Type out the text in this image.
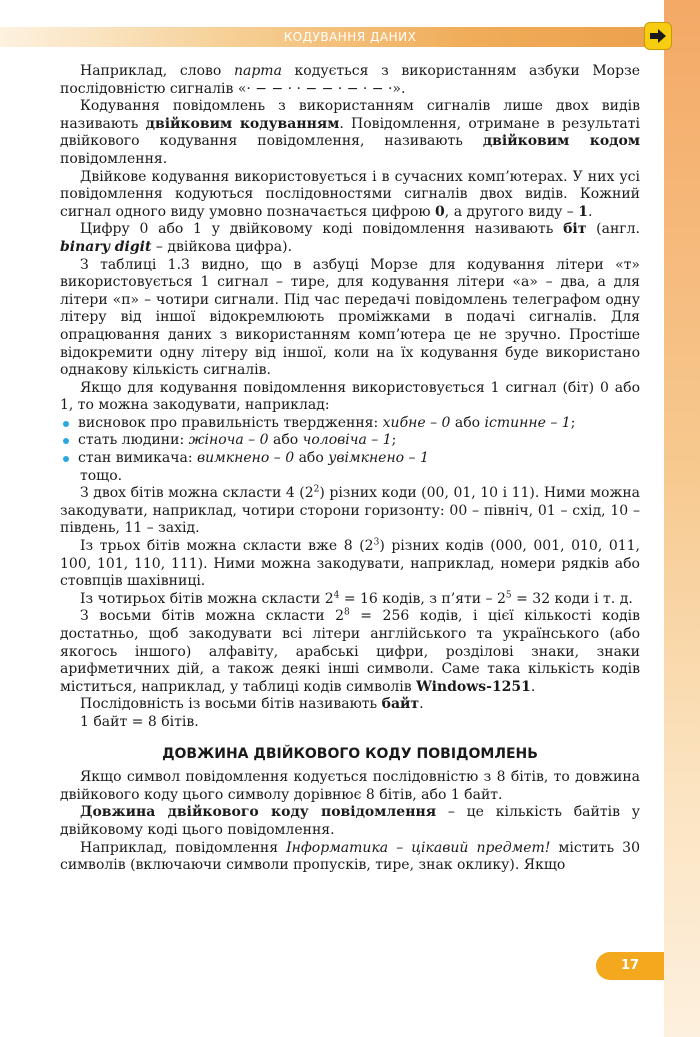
КОДУВАННЯ ДАНИХ

Наприклад, слово парта кодується з використанням азбуки Морзе послідовністю сигналів «· − − · · − − · − · − ·».

Кодування повідомлень з використанням сигналів лише двох видів називають двійковим кодуванням. Повідомлення, отримане в результаті двійкового кодування повідомлення, називають двійковим кодом повідомлення.

Двійкове кодування використовується і в сучасних комп’ютерах. У них усі повідомлення кодуються послідовностями сигналів двох видів. Кожний сигнал одного виду умовно позначається цифрою 0, а другого виду – 1.

Цифру 0 або 1 у двійковому коді повідомлення називають біт (англ. binary digit – двійкова цифра).

З таблиці 1.3 видно, що в азбуці Морзе для кодування літери «т» використовується 1 сигнал – тире, для кодування літери «а» – два, а для літери «п» – чотири сигнали. Під час передачі повідомлень телеграфом одну літеру від іншої відокремлюють проміжками в подачі сигналів. Для опрацювання даних з використанням комп’ютера це не зручно. Простіше відокремити одну літеру від іншої, коли на їх кодування буде використано однакову кількість сигналів.

Якщо для кодування повідомлення використовується 1 сигнал (біт) 0 або 1, то можна закодувати, наприклад:

висновок про правильність твердження: хибне – 0 або істинне – 1;
стать людини: жіноча – 0 або чоловіча – 1;
стан вимикача: вимкнено – 0 або увімкнено – 1

тощо.

З двох бітів можна скласти 4 $(2^2)$ різних коди (00, 01, 10 і 11). Ними можна закодувати, наприклад, чотири сторони горизонту: 00 – північ, 01 – схід, 10 – південь, 11 – захід.

Із трьох бітів можна скласти вже 8 $(2^3)$ різних кодів (000, 001, 010, 011, 100, 101, 110, 111). Ними можна закодувати, наприклад, номери рядків або стовпців шахівниці.

Із чотирьох бітів можна скласти $2^4 = 16$ кодів, з п’яти – $2^5 = 32$ коди і т. д.

З восьми бітів можна скласти $2^8 = 256$ кодів, і цієї кількості кодів достатньо, щоб закодувати всі літери англійського та українського (або якогось іншого) алфавіту, арабські цифри, розділові знаки, знаки арифметичних дій, а також деякі інші символи. Саме така кількість кодів міститься, наприклад, у таблиці кодів символів Windows-1251.

Послідовність із восьми бітів називають байт.

1 байт = 8 бітів.

ДОВЖИНА ДВІЙКОВОГО КОДУ ПОВІДОМЛЕНЬ

Якщо символ повідомлення кодується послідовністю з 8 бітів, то довжина двійкового коду цього символу дорівнює 8 бітів, або 1 байт.

Довжина двійкового коду повідомлення – це кількість байтів у двійковому коді цього повідомлення.

Наприклад, повідомлення Інформатика – цікавий предмет! містить 30 символів (включаючи символи пропусків, тире, знак оклику). Якщо

17
